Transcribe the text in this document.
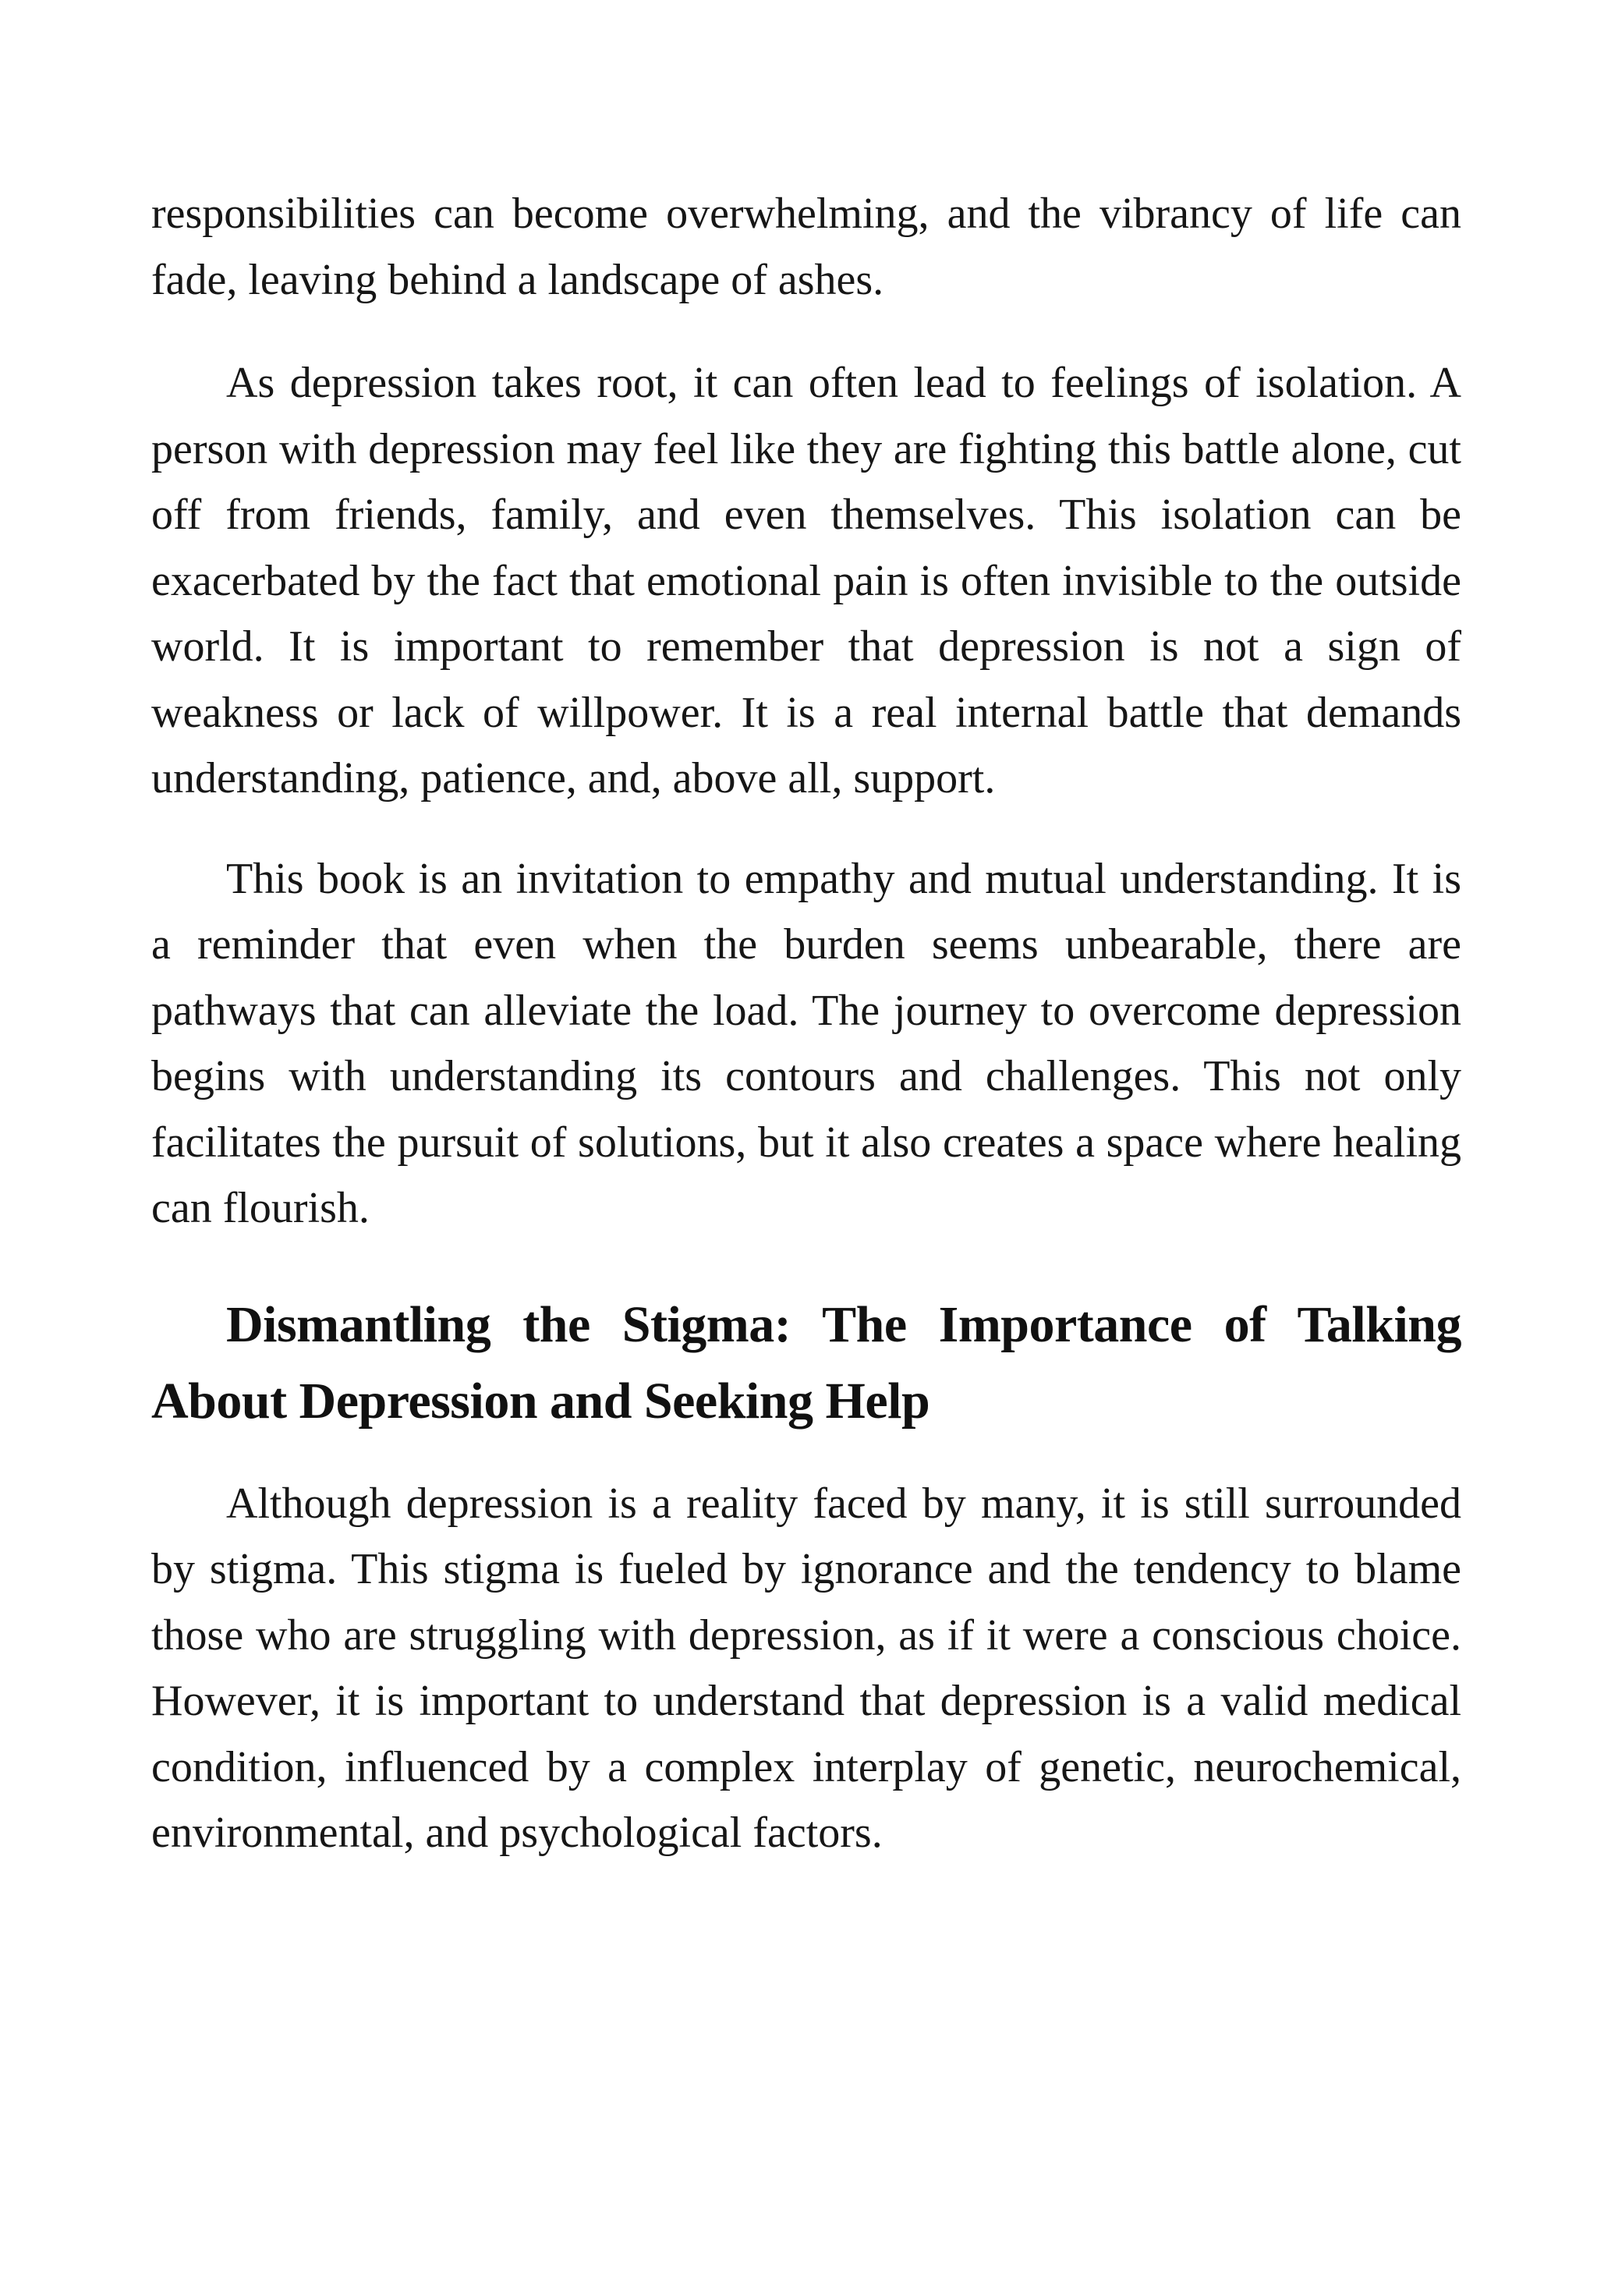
responsibilities can become overwhelming, and the vibrancy of life can fade, leaving behind a landscape of ashes.

As depression takes root, it can often lead to feelings of isolation. A person with depression may feel like they are fighting this battle alone, cut off from friends, family, and even themselves. This isolation can be exacerbated by the fact that emotional pain is often invisible to the outside world. It is important to remember that depression is not a sign of weakness or lack of willpower. It is a real internal battle that demands understanding, patience, and, above all, support.

This book is an invitation to empathy and mutual understanding. It is a reminder that even when the burden seems unbearable, there are pathways that can alleviate the load. The journey to overcome depression begins with understanding its contours and challenges. This not only facilitates the pursuit of solutions, but it also creates a space where healing can flourish.

Dismantling the Stigma: The Importance of Talking About Depression and Seeking Help

Although depression is a reality faced by many, it is still surrounded by stigma. This stigma is fueled by ignorance and the tendency to blame those who are struggling with depression, as if it were a conscious choice. However, it is important to understand that depression is a valid medical condition, influenced by a complex interplay of genetic, neurochemical, environmental, and psychological factors.
